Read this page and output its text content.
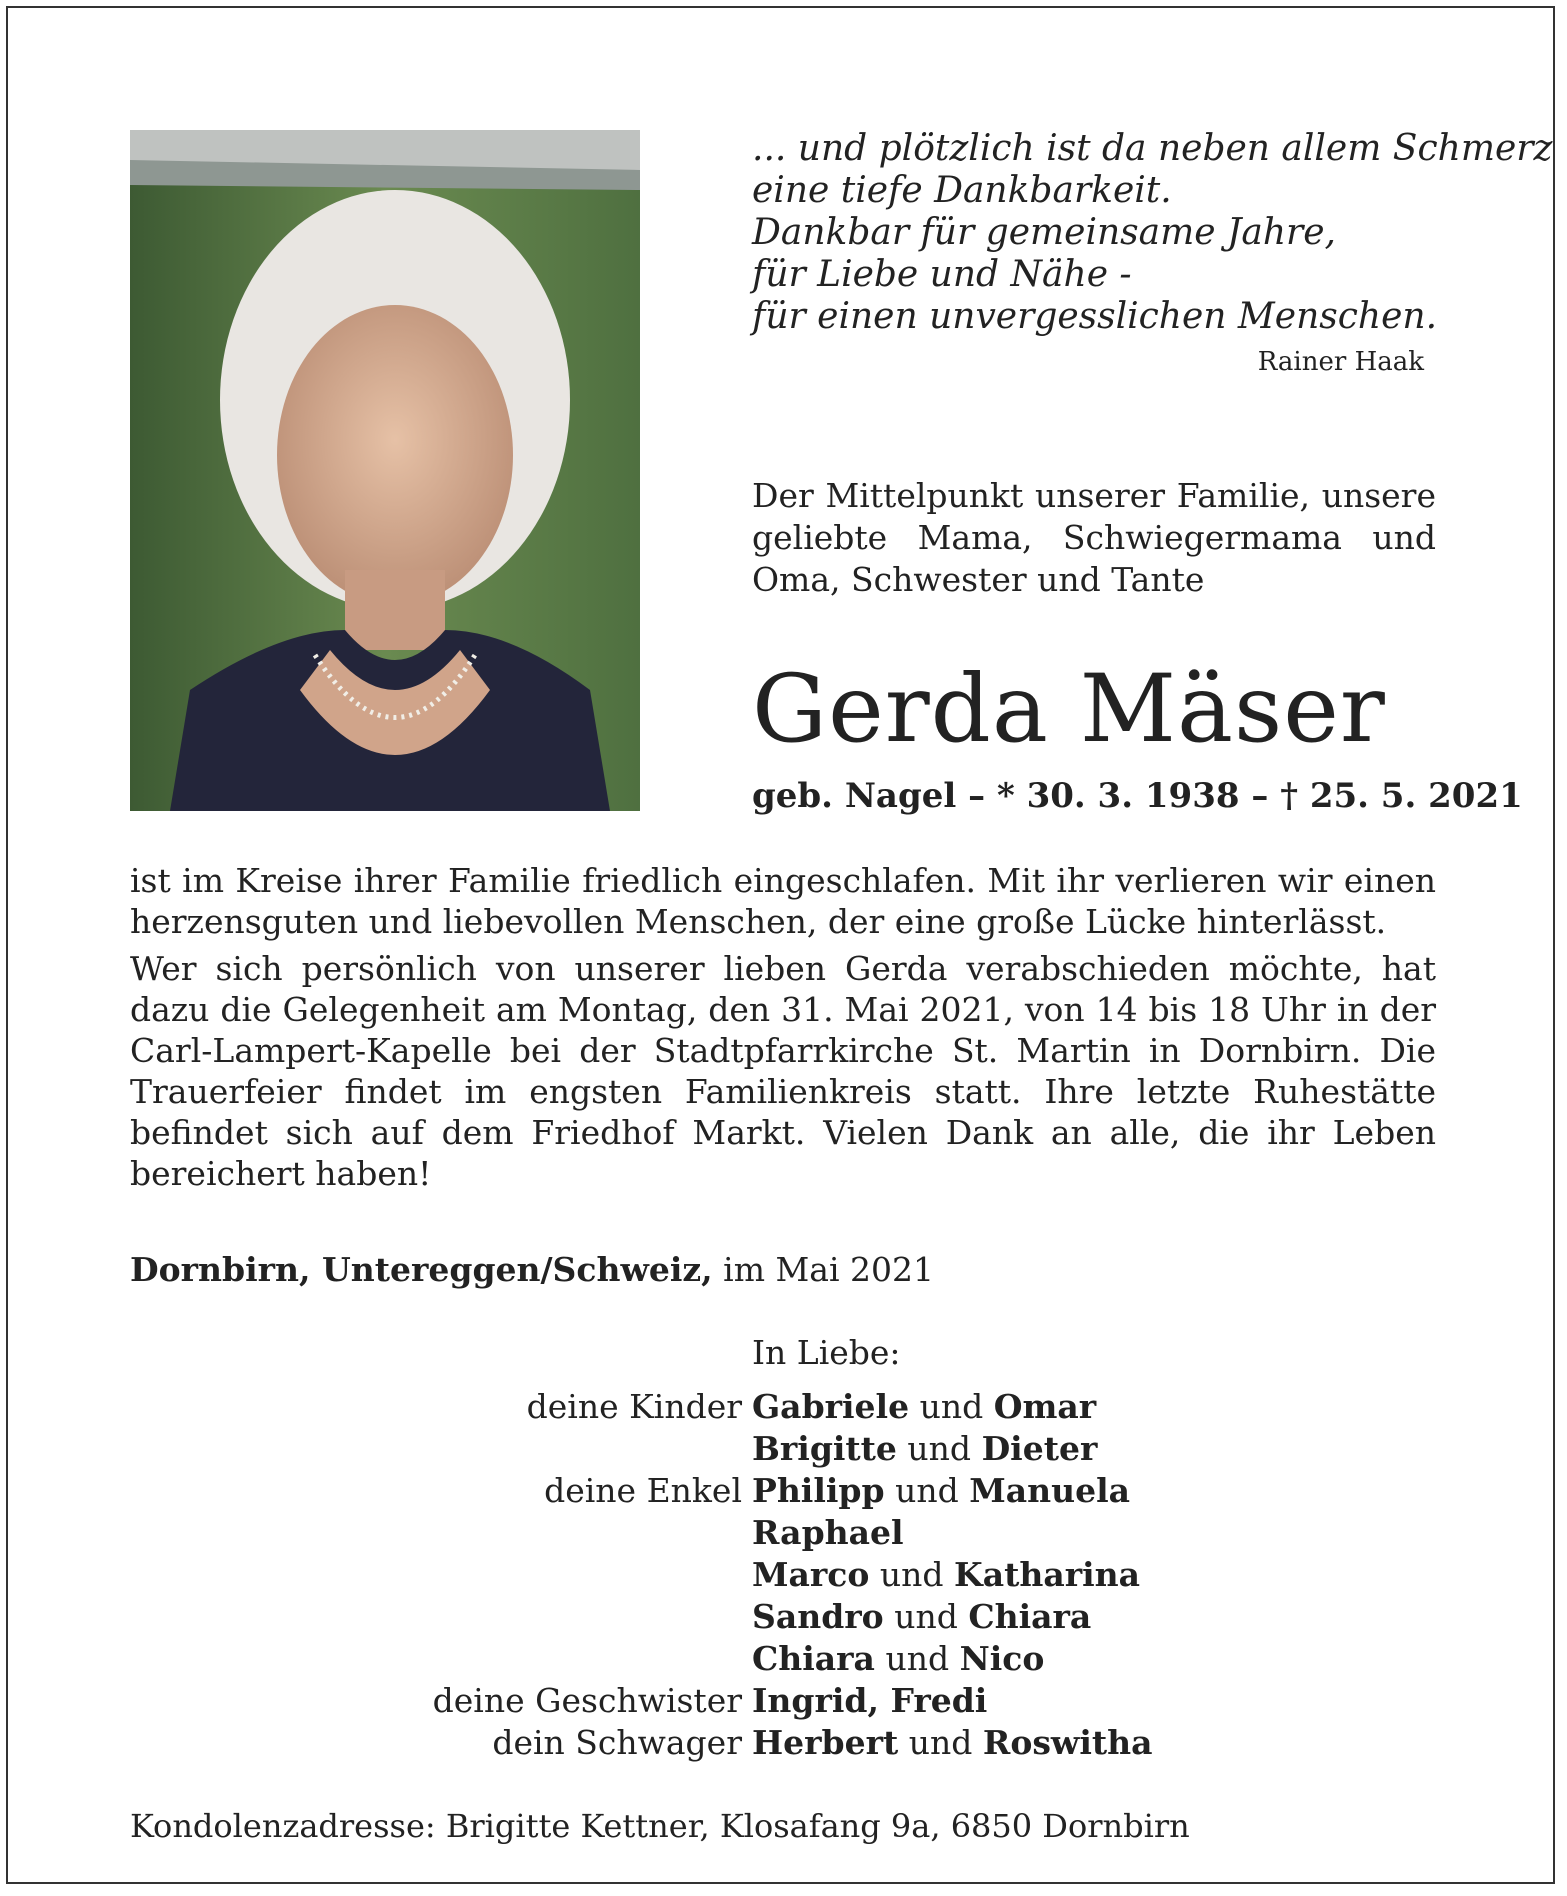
... und plötzlich ist da neben allem Schmerz
eine tiefe Dankbarkeit.
Dankbar für gemeinsame Jahre,
für Liebe und Nähe -
für einen unvergesslichen Menschen.
Rainer Haak
Der Mittelpunkt unserer Familie, unsere geliebte Mama, Schwiegermama und Oma, Schwester und Tante
Gerda Mäser
geb. Nagel – * 30. 3. 1938 – † 25. 5. 2021

ist im Kreise ihrer Familie friedlich eingeschlafen. Mit ihr verlieren wir einen herzensguten und liebevollen Menschen, der eine große Lücke hinterlässt.

Wer sich persönlich von unserer lieben Gerda verabschieden möchte, hat dazu die Gelegenheit am Montag, den 31. Mai 2021, von 14 bis 18 Uhr in der Carl-Lampert-Kapelle bei der Stadtpfarrkirche St. Martin in Dornbirn. Die Trauerfeier findet im engsten Familienkreis statt. Ihre letzte Ruhestätte befindet sich auf dem Friedhof Markt. Vielen Dank an alle, die ihr Leben bereichert haben!

Dornbirn, Untereggen/Schweiz, im Mai 2021
In Liebe:
deine Kinder Gabriele und Omar
Brigitte und Dieter
deine Enkel Philipp und Manuela
Raphael
Marco und Katharina
Sandro und Chiara
Chiara und Nico
deine Geschwister Ingrid, Fredi
dein Schwager Herbert und Roswitha
Kondolenzadresse: Brigitte Kettner, Klosafang 9a, 6850 Dornbirn
